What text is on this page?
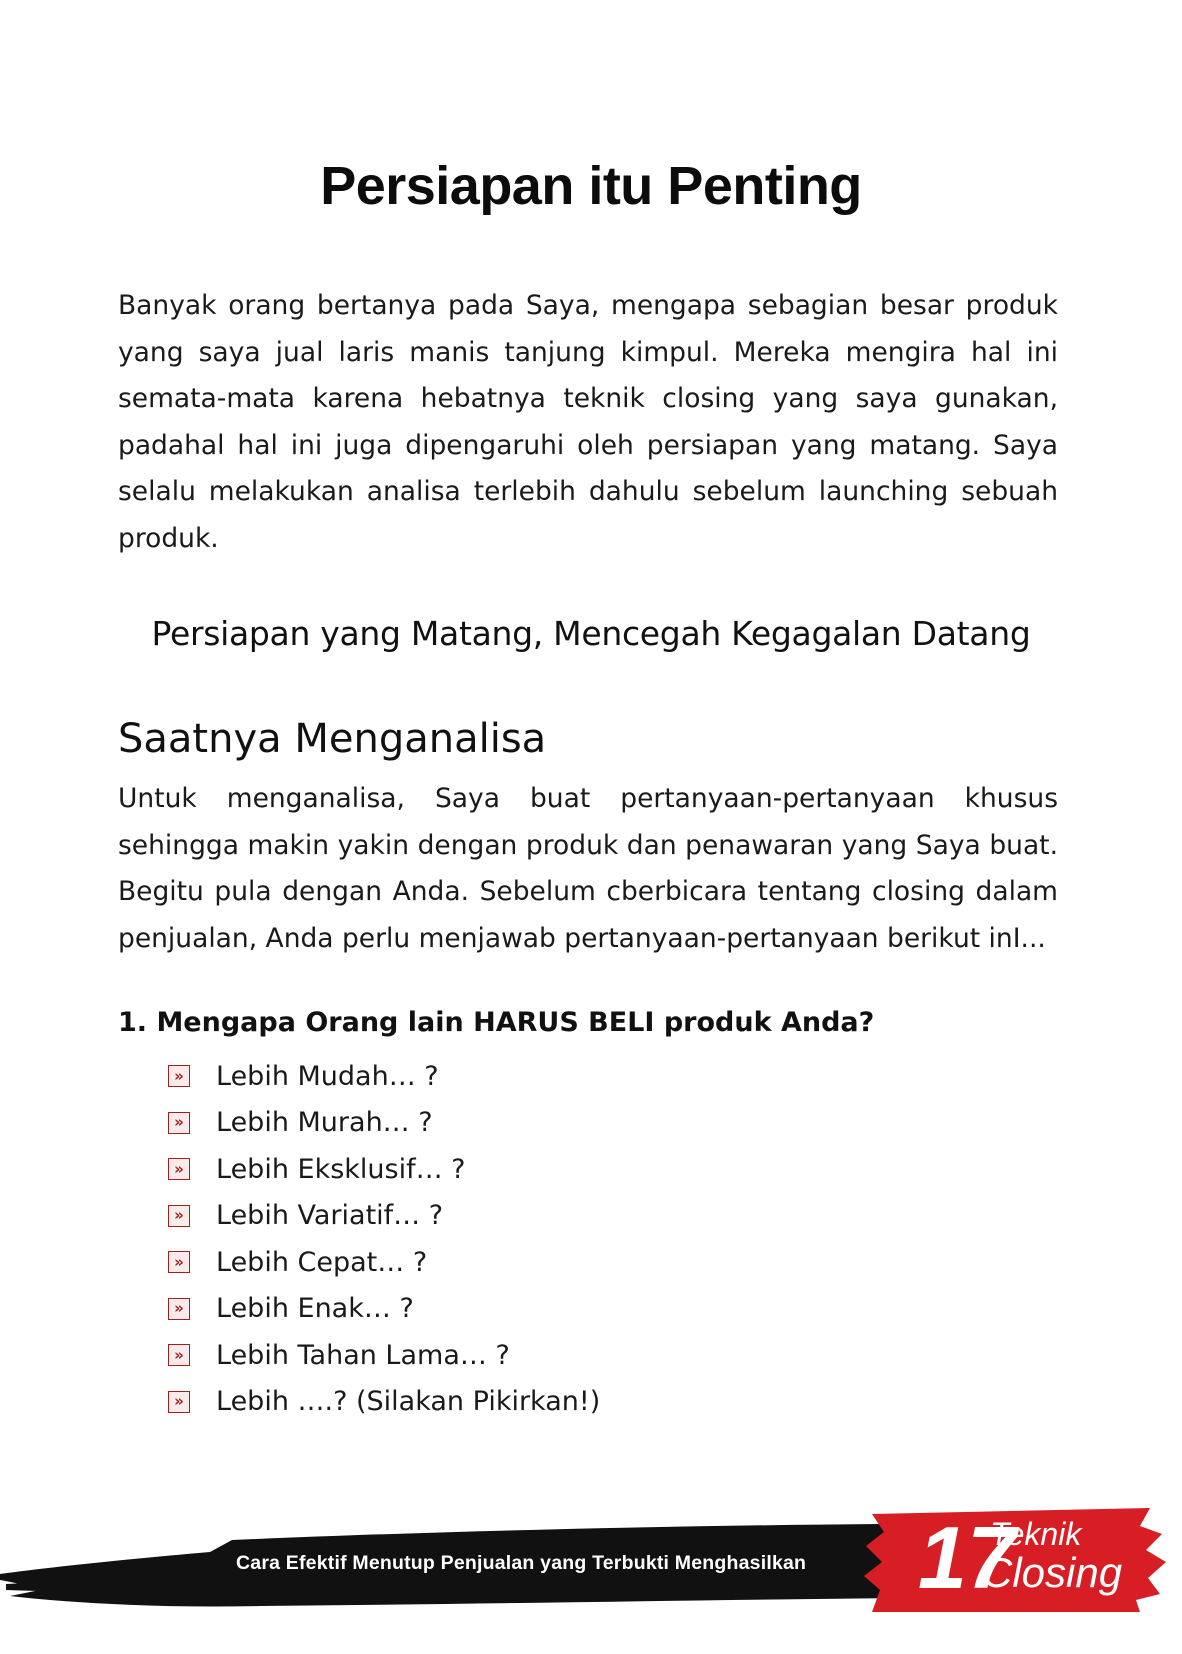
Persiapan itu Penting

Banyak orang bertanya pada Saya, mengapa sebagian besar produk yang saya jual laris manis tanjung kimpul. Mereka mengira hal ini semata-mata karena hebatnya teknik closing yang saya gunakan, padahal hal ini juga dipengaruhi oleh persiapan yang matang. Saya selalu melakukan analisa terlebih dahulu sebelum launching sebuah produk.

Persiapan yang Matang, Mencegah Kegagalan Datang
Saatnya Menganalisa

Untuk menganalisa, Saya buat pertanyaan-pertanyaan khusus sehingga makin yakin dengan produk dan penawaran yang Saya buat. Begitu pula dengan Anda. Sebelum cberbicara tentang closing dalam penjualan, Anda perlu menjawab pertanyaan-pertanyaan berikut inI...

1. Mengapa Orang lain HARUS BELI produk Anda?

» Lebih Mudah… ?
» Lebih Murah… ?
» Lebih Eksklusif… ?
» Lebih Variatif… ?
» Lebih Cepat… ?
» Lebih Enak… ?
» Lebih Tahan Lama… ?
» Lebih ….? (Silakan Pikirkan!)
Cara Efektif Menutup Penjualan yang Terbukti Menghasilkan 17
Teknik
Closing
